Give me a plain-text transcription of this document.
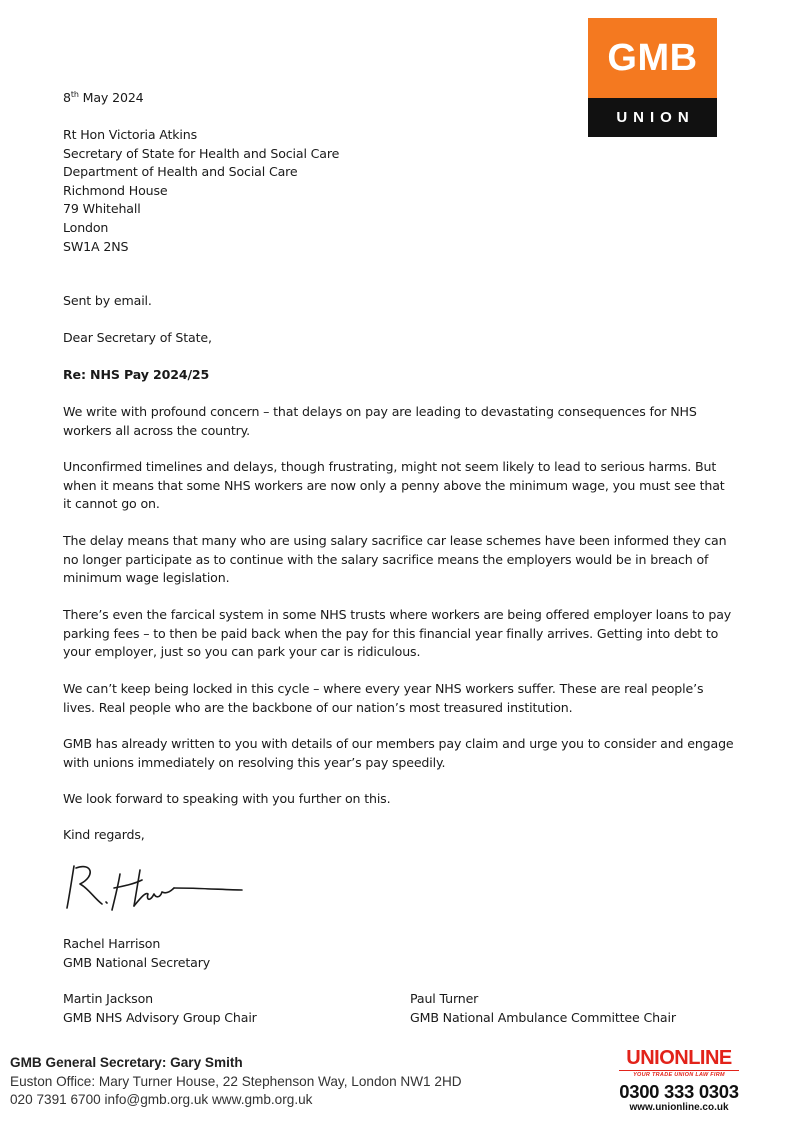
GMB
UNION
8th May 2024
Rt Hon Victoria Atkins
Secretary of State for Health and Social Care
Department of Health and Social Care
Richmond House
79 Whitehall
London
SW1A 2NS
Sent by email.
Dear Secretary of State,
Re: NHS Pay 2024/25
We write with profound concern – that delays on pay are leading to devastating consequences for NHS
workers all across the country.
Unconfirmed timelines and delays, though frustrating, might not seem likely to lead to serious harms. But
when it means that some NHS workers are now only a penny above the minimum wage, you must see that
it cannot go on.
The delay means that many who are using salary sacrifice car lease schemes have been informed they can
no longer participate as to continue with the salary sacrifice means the employers would be in breach of
minimum wage legislation.
There’s even the farcical system in some NHS trusts where workers are being offered employer loans to pay
parking fees – to then be paid back when the pay for this financial year finally arrives. Getting into debt to
your employer, just so you can park your car is ridiculous.
We can’t keep being locked in this cycle – where every year NHS workers suffer. These are real people’s
lives. Real people who are the backbone of our nation’s most treasured institution.
GMB has already written to you with details of our members pay claim and urge you to consider and engage
with unions immediately on resolving this year’s pay speedily.
We look forward to speaking with you further on this.
Kind regards,
Rachel Harrison
GMB National Secretary
Martin Jackson
GMB NHS Advisory Group Chair
Paul Turner
GMB National Ambulance Committee Chair
GMB General Secretary: Gary Smith
Euston Office: Mary Turner House, 22 Stephenson Way, London NW1 2HD
020 7391 6700 info@gmb.org.uk www.gmb.org.uk
UNIONLINE
YOUR TRADE UNION LAW FIRM
0300 333 0303
www.unionline.co.uk
